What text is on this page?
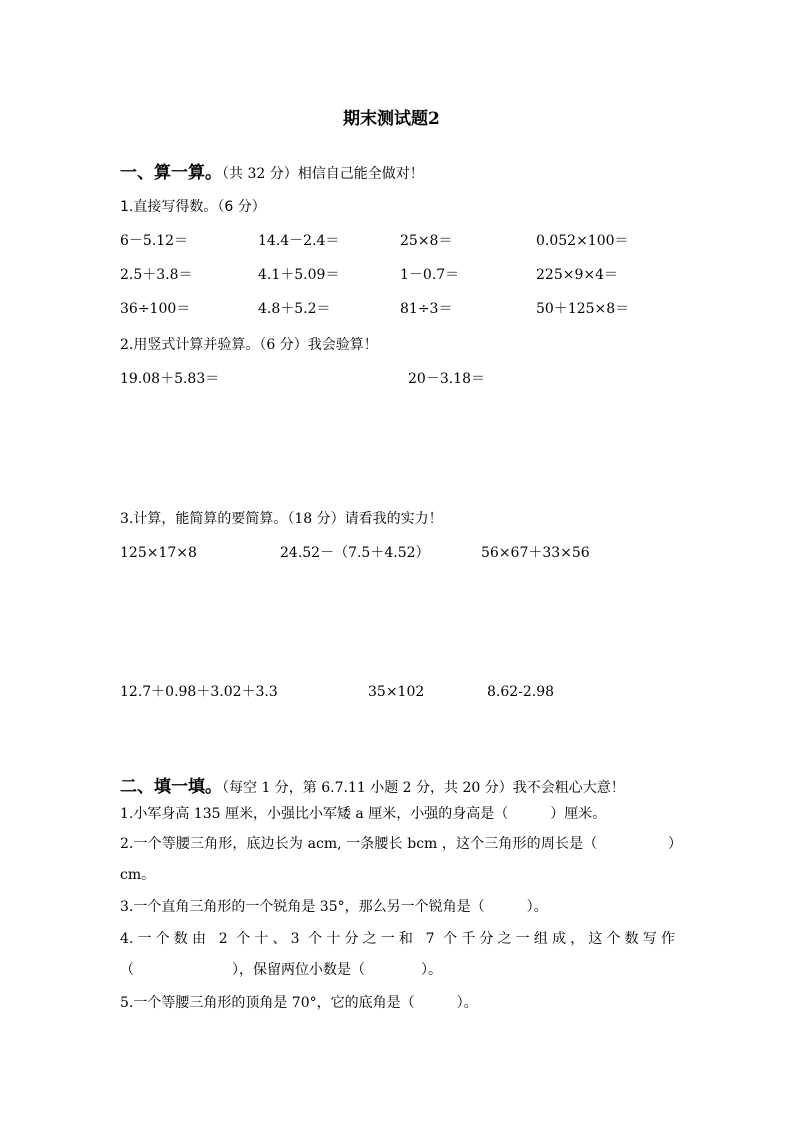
期末测试题2
一、算一算。（共 32 分）相信自己能全做对！
1.直接写得数。（6 分）
6－5.12＝	14.4－2.4＝	25×8＝	0.052×100＝
2.5＋3.8＝	4.1＋5.09＝	1－0.7＝	225×9×4＝
36÷100＝	4.8＋5.2＝	81÷3＝	50＋125×8＝
2.用竖式计算并验算。（6 分）我会验算！
19.08＋5.83＝	20－3.18＝
3.计算，能简算的要简算。（18 分）请看我的实力！
125×17×8	24.52－（7.5＋4.52）	56×67＋33×56
12.7＋0.98＋3.02＋3.3	35×102	8.62-2.98
二、填一填。（每空 1 分，第 6.7.11 小题 2 分，共 20 分）我不会粗心大意！
1.小军身高 135 厘米，小强比小军矮 a 厘米，小强的身高是（　　　）厘米。
2.一个等腰三角形，底边长为 acm, 一条腰长 bcm ，这个三角形的周长是（　　　　　）cm。
3.一个直角三角形的一个锐角是 35°，那么另一个锐角是（　　　）。
4.一个数由 2 个十、3 个十分之一和 7 个千分之一组成，这个数写作（　　　　　　　），保留两位小数是（　　　　）。
5.一个等腰三角形的顶角是 70°，它的底角是（　　　）。
